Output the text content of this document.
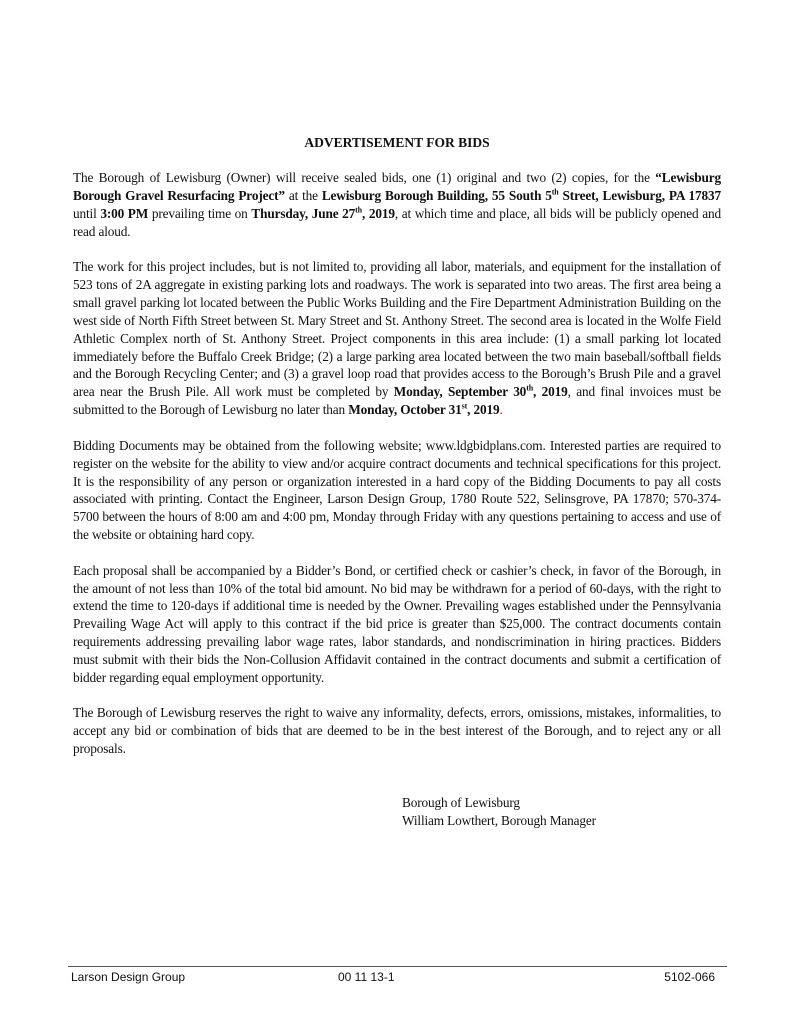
ADVERTISEMENT FOR BIDS

The Borough of Lewisburg (Owner) will receive sealed bids, one (1) original and two (2) copies, for the “Lewisburg Borough Gravel Resurfacing Project” at the Lewisburg Borough Building, 55 South 5th Street, Lewisburg, PA 17837 until 3:00 PM prevailing time on Thursday, June 27th, 2019, at which time and place, all bids will be publicly opened and read aloud.

The work for this project includes, but is not limited to, providing all labor, materials, and equipment for the installation of 523 tons of 2A aggregate in existing parking lots and roadways. The work is separated into two areas. The first area being a small gravel parking lot located between the Public Works Building and the Fire Department Administration Building on the west side of North Fifth Street between St. Mary Street and St. Anthony Street. The second area is located in the Wolfe Field Athletic Complex north of St. Anthony Street. Project components in this area include: (1) a small parking lot located immediately before the Buffalo Creek Bridge; (2) a large parking area located between the two main baseball/softball fields and the Borough Recycling Center; and (3) a gravel loop road that provides access to the Borough’s Brush Pile and a gravel area near the Brush Pile. All work must be completed by Monday, September 30th, 2019, and final invoices must be submitted to the Borough of Lewisburg no later than Monday, October 31st, 2019.

Bidding Documents may be obtained from the following website; www.ldgbidplans.com. Interested parties are required to register on the website for the ability to view and/or acquire contract documents and technical specifications for this project. It is the responsibility of any person or organization interested in a hard copy of the Bidding Documents to pay all costs associated with printing. Contact the Engineer, Larson Design Group, 1780 Route 522, Selinsgrove, PA 17870; 570-374-5700 between the hours of 8:00 am and 4:00 pm, Monday through Friday with any questions pertaining to access and use of the website or obtaining hard copy.

Each proposal shall be accompanied by a Bidder’s Bond, or certified check or cashier’s check, in favor of the Borough, in the amount of not less than 10% of the total bid amount. No bid may be withdrawn for a period of 60-days, with the right to extend the time to 120-days if additional time is needed by the Owner. Prevailing wages established under the Pennsylvania Prevailing Wage Act will apply to this contract if the bid price is greater than $25,000. The contract documents contain requirements addressing prevailing labor wage rates, labor standards, and nondiscrimination in hiring practices. Bidders must submit with their bids the Non-Collusion Affidavit contained in the contract documents and submit a certification of bidder regarding equal employment opportunity.

The Borough of Lewisburg reserves the right to waive any informality, defects, errors, omissions, mistakes, informalities, to accept any bid or combination of bids that are deemed to be in the best interest of the Borough, and to reject any or all proposals.

Borough of Lewisburg
William Lowthert, Borough Manager
Larson Design Group	00 11 13-1	5102-066
